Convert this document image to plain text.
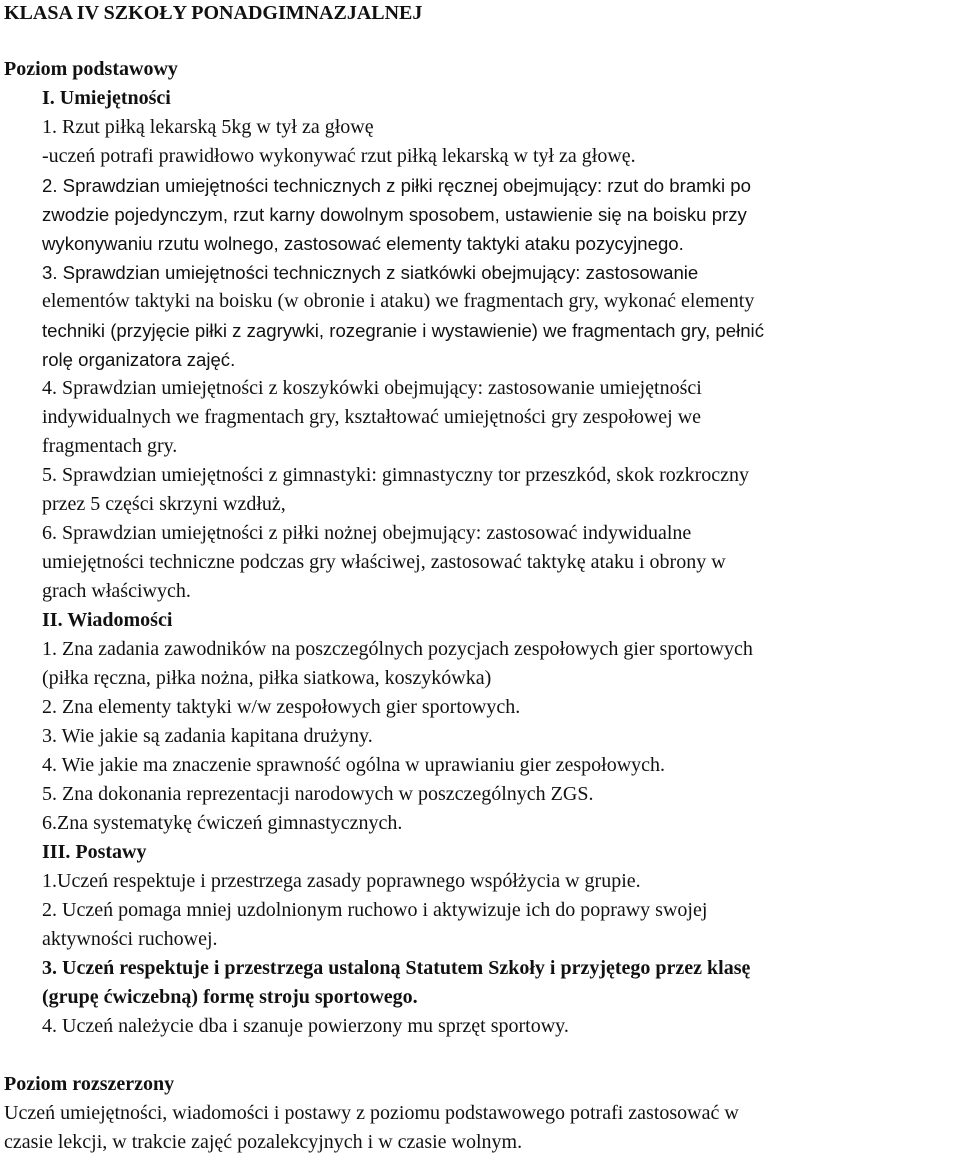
KLASA IV SZKOŁY PONADGIMNAZJALNEJ

Poziom podstawowy

I. Umiejętności

1. Rzut piłką lekarską 5kg w tył za głowę

-uczeń potrafi prawidłowo wykonywać rzut piłką lekarską w tył za głowę.

2. Sprawdzian umiejętności technicznych z piłki ręcznej obejmujący: rzut do bramki po

zwodzie pojedynczym, rzut karny dowolnym sposobem, ustawienie się na boisku przy

wykonywaniu rzutu wolnego, zastosować elementy taktyki ataku pozycyjnego.

3. Sprawdzian umiejętności technicznych z siatkówki obejmujący: zastosowanie

elementów taktyki na boisku (w obronie i ataku) we fragmentach gry, wykonać elementy

techniki (przyjęcie piłki z zagrywki, rozegranie i wystawienie) we fragmentach gry, pełnić

rolę organizatora zajęć.

4. Sprawdzian umiejętności z koszykówki obejmujący: zastosowanie umiejętności

indywidualnych we fragmentach gry, kształtować umiejętności gry zespołowej we

fragmentach gry.

5. Sprawdzian umiejętności z gimnastyki: gimnastyczny tor przeszkód, skok rozkroczny

przez 5 części skrzyni wzdłuż,

6. Sprawdzian umiejętności z piłki nożnej obejmujący: zastosować indywidualne

umiejętności techniczne podczas gry właściwej, zastosować taktykę ataku i obrony w

grach właściwych.

II. Wiadomości

1. Zna zadania zawodników na poszczególnych pozycjach zespołowych gier sportowych

(piłka ręczna, piłka nożna, piłka siatkowa, koszykówka)

2. Zna elementy taktyki w/w zespołowych gier sportowych.

3. Wie jakie są zadania kapitana drużyny.

4. Wie jakie ma znaczenie sprawność ogólna w uprawianiu gier zespołowych.

5. Zna dokonania reprezentacji narodowych w poszczególnych ZGS.

6.Zna systematykę ćwiczeń gimnastycznych.

III. Postawy

1.Uczeń respektuje i przestrzega zasady poprawnego współżycia w grupie.

2. Uczeń pomaga mniej uzdolnionym ruchowo i aktywizuje ich do poprawy swojej

aktywności ruchowej.

3. Uczeń respektuje i przestrzega ustaloną Statutem Szkoły i przyjętego przez klasę

(grupę ćwiczebną) formę stroju sportowego.

4. Uczeń należycie dba i szanuje powierzony mu sprzęt sportowy.

Poziom rozszerzony

Uczeń umiejętności, wiadomości i postawy z poziomu podstawowego potrafi zastosować w

czasie lekcji, w trakcie zajęć pozalekcyjnych i w czasie wolnym.
